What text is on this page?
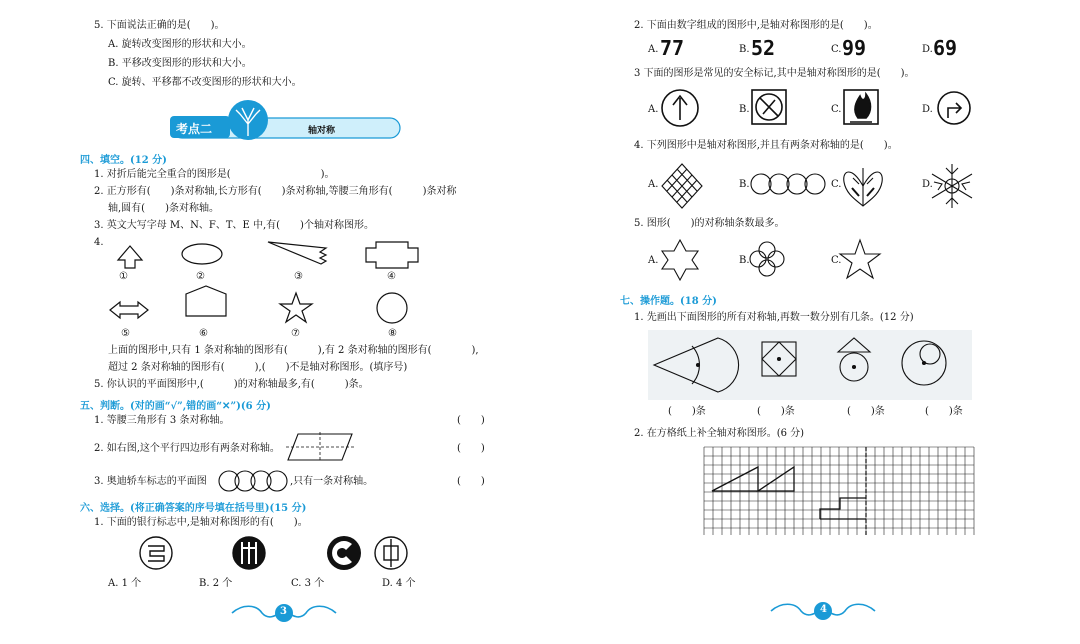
5. 下面说法正确的是(　　)。
A. 旋转改变图形的形状和大小。
B. 平移改变图形的形状和大小。
C. 旋转、平移都不改变图形的形状和大小。
考点二	轴对称
四、填空。(12 分)
1. 对折后能完全重合的图形是(　　　　　　　　　)。
2. 正方形有(　　)条对称轴,长方形有(　　)条对称轴,等腰三角形有(　　　)条对称
轴,圆有(　　)条对称轴。
3. 英文大写字母 M、N、F、T、E 中,有(　　)个轴对称图形。
4.
①	②	③	④
⑤	⑥	⑦	⑧
上面的图形中,只有 1 条对称轴的图形有(　　　),有 2 条对称轴的图形有(　　　　),
超过 2 条对称轴的图形有(　　　),(　　)不是轴对称图形。(填序号)
5. 你认识的平面图形中,(　　　)的对称轴最多,有(　　　)条。
五、判断。(对的画“√”,错的画“✕”)(6 分)
1. 等腰三角形有 3 条对称轴。	(　　)
2. 如右图,这个平行四边形有两条对称轴。	(　　)
3. 奥迪轿车标志的平面图	,只有一条对称轴。	(　　)
六、选择。(将正确答案的序号填在括号里)(15 分)
1. 下面的银行标志中,是轴对称图形的有(　　)。
A. 1 个	B. 2 个	C. 3 个	D. 4 个
3
2. 下面由数字组成的图形中,是轴对称图形的是(　　)。
A. 77	B. 52	C. 99	D. 69
3 下面的图形是常见的安全标记,其中是轴对称图形的是(　　)。
A.	B.	C.	D.
4. 下列图形中是轴对称图形,并且有两条对称轴的是(　　)。
A.	B.	C.	D.
5. 图形(　　)的对称轴条数最多。
A.	B.	C.
七、操作题。(18 分)
1. 先画出下面图形的所有对称轴,再数一数分别有几条。(12 分)
(　　)条	(　　)条	(　　)条	(　　)条
2. 在方格纸上补全轴对称图形。(6 分)
4
